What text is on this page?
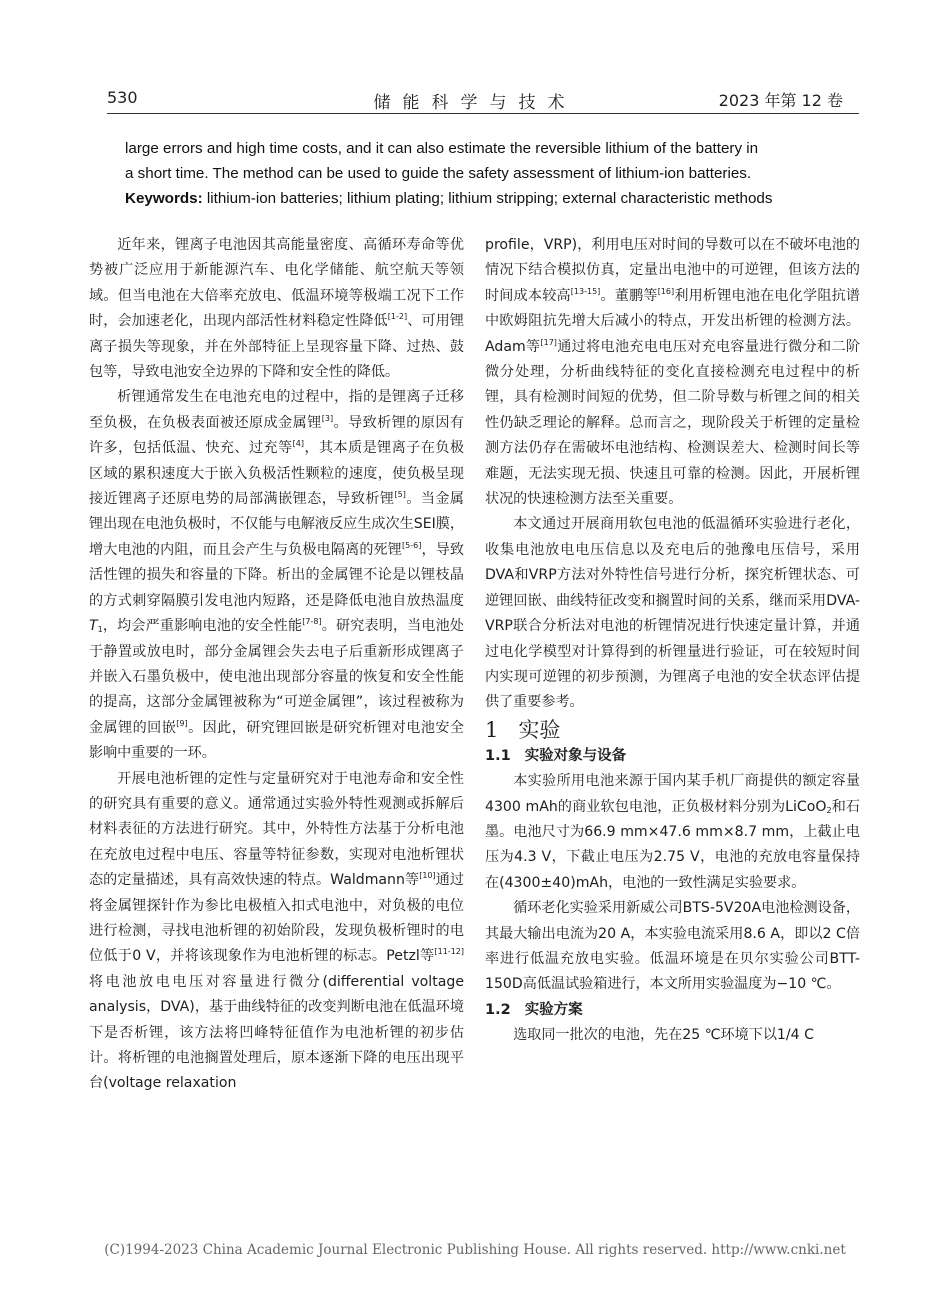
530	储能科学与技术	2023 年第 12 卷

large errors and high time costs, and it can also estimate the reversible lithium of the battery in

a short time. The method can be used to guide the safety assessment of lithium-ion batteries.

Keywords: lithium-ion batteries; lithium plating; lithium stripping; external characteristic methods

近年来，锂离子电池因其高能量密度、高循环寿命等优势被广泛应用于新能源汽车、电化学储能、航空航天等领域。但当电池在大倍率充放电、低温环境等极端工况下工作时，会加速老化，出现内部活性材料稳定性降低[1-2]、可用锂离子损失等现象，并在外部特征上呈现容量下降、过热、鼓包等，导致电池安全边界的下降和安全性的降低。

析锂通常发生在电池充电的过程中，指的是锂离子迁移至负极，在负极表面被还原成金属锂[3]。导致析锂的原因有许多，包括低温、快充、过充等[4]，其本质是锂离子在负极区域的累积速度大于嵌入负极活性颗粒的速度，使负极呈现接近锂离子还原电势的局部满嵌锂态，导致析锂[5]。当金属锂出现在电池负极时，不仅能与电解液反应生成次生SEI膜，增大电池的内阻，而且会产生与负极电隔离的死锂[5-6]，导致活性锂的损失和容量的下降。析出的金属锂不论是以锂枝晶的方式刺穿隔膜引发电池内短路，还是降低电池自放热温度 $T_1$，均会严重影响电池的安全性能[7-8]。研究表明，当电池处于静置或放电时，部分金属锂会失去电子后重新形成锂离子并嵌入石墨负极中，使电池出现部分容量的恢复和安全性能的提高，这部分金属锂被称为“可逆金属锂”，该过程被称为金属锂的回嵌[9]。因此，研究锂回嵌是研究析锂对电池安全影响中重要的一环。

开展电池析锂的定性与定量研究对于电池寿命和安全性的研究具有重要的意义。通常通过实验外特性观测或拆解后材料表征的方法进行研究。其中，外特性方法基于分析电池在充放电过程中电压、容量等特征参数，实现对电池析锂状态的定量描述，具有高效快速的特点。Waldmann等[10]通过将金属锂探针作为参比电极植入扣式电池中，对负极的电位进行检测，寻找电池析锂的初始阶段，发现负极析锂时的电位低于0 V，并将该现象作为电池析锂的标志。Petzl等[11-12]将电池放电电压对容量进行微分(differential voltage analysis，DVA)，基于曲线特征的改变判断电池在低温环境下是否析锂，该方法将凹峰特征值作为电池析锂的初步估计。将析锂的电池搁置处理后，原本逐渐下降的电压出现平台(voltage relaxation

profile，VRP)，利用电压对时间的导数可以在不破坏电池的情况下结合模拟仿真，定量出电池中的可逆锂，但该方法的时间成本较高[13-15]。董鹏等[16]利用析锂电池在电化学阻抗谱中欧姆阻抗先增大后减小的特点，开发出析锂的检测方法。Adam等[17]通过将电池充电电压对充电容量进行微分和二阶微分处理，分析曲线特征的变化直接检测充电过程中的析锂，具有检测时间短的优势，但二阶导数与析锂之间的相关性仍缺乏理论的解释。总而言之，现阶段关于析锂的定量检测方法仍存在需破坏电池结构、检测误差大、检测时间长等难题，无法实现无损、快速且可靠的检测。因此，开展析锂状况的快速检测方法至关重要。

本文通过开展商用软包电池的低温循环实验进行老化，收集电池放电电压信息以及充电后的弛豫电压信号，采用DVA和VRP方法对外特性信号进行分析，探究析锂状态、可逆锂回嵌、曲线特征改变和搁置时间的关系，继而采用DVA-VRP联合分析法对电池的析锂情况进行快速定量计算，并通过电化学模型对计算得到的析锂量进行验证，可在较短时间内实现可逆锂的初步预测，为锂离子电池的安全状态评估提供了重要参考。

1 实验

1.1 实验对象与设备

本实验所用电池来源于国内某手机厂商提供的额定容量4300 mAh的商业软包电池，正负极材料分别为LiCoO$_2$和石墨。电池尺寸为66.9 mm×47.6 mm×8.7 mm，上截止电压为4.3 V，下截止电压为2.75 V，电池的充放电容量保持在(4300±40)mAh，电池的一致性满足实验要求。

循环老化实验采用新威公司BTS-5V20A电池检测设备，其最大输出电流为20 A，本实验电流采用8.6 A，即以2 C倍率进行低温充放电实验。低温环境是在贝尔实验公司BTT-150D高低温试验箱进行，本文所用实验温度为−10 ℃。

1.2 实验方案

选取同一批次的电池，先在25 ℃环境下以1/4 C

(C)1994-2023 China Academic Journal Electronic Publishing House. All rights reserved. http://www.cnki.net
